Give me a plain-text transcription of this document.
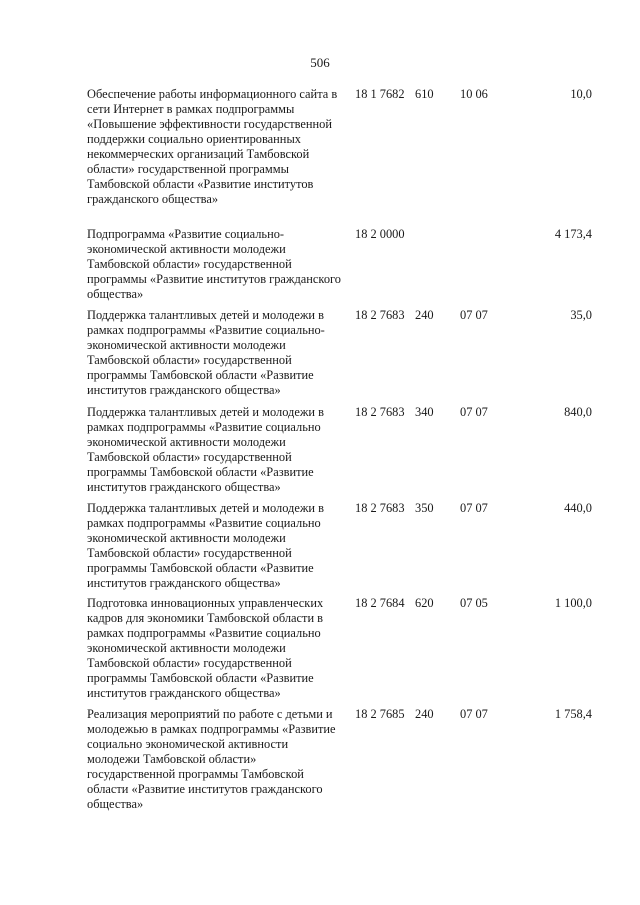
506
Обеспечение работы информационного сайта в сети Интернет в рамках подпрограммы «Повышение эффективности государственной поддержки социально ориентированных некоммерческих организаций Тамбовской области» государственной программы Тамбовской области «Развитие институтов гражданского общества»
18 1 7682 610 10 06	10,0
Подпрограмма «Развитие социально-экономической активности молодежи Тамбовской области» государственной программы «Развитие институтов гражданского общества»
18 2 0000	4 173,4
Поддержка талантливых детей и молодежи в рамках подпрограммы «Развитие социально-экономической активности молодежи Тамбовской области» государственной программы Тамбовской области «Развитие институтов гражданского общества»
18 2 7683 240 07 07	35,0
Поддержка талантливых детей и молодежи в рамках подпрограммы «Развитие социально экономической активности молодежи Тамбовской области» государственной программы Тамбовской области «Развитие институтов гражданского общества»
18 2 7683 340 07 07	840,0
Поддержка талантливых детей и молодежи в рамках подпрограммы «Развитие социально экономической активности молодежи Тамбовской области» государственной программы Тамбовской области «Развитие институтов гражданского общества»
18 2 7683 350 07 07	440,0
Подготовка инновационных управленческих кадров для экономики Тамбовской области в рамках подпрограммы «Развитие социально экономической активности молодежи Тамбовской области» государственной программы Тамбовской области «Развитие институтов гражданского общества»
18 2 7684 620 07 05	1 100,0
Реализация мероприятий по работе с детьми и молодежью в рамках подпрограммы «Развитие социально экономической активности молодежи Тамбовской области» государственной программы Тамбовской области «Развитие институтов гражданского общества»
18 2 7685 240 07 07	1 758,4
